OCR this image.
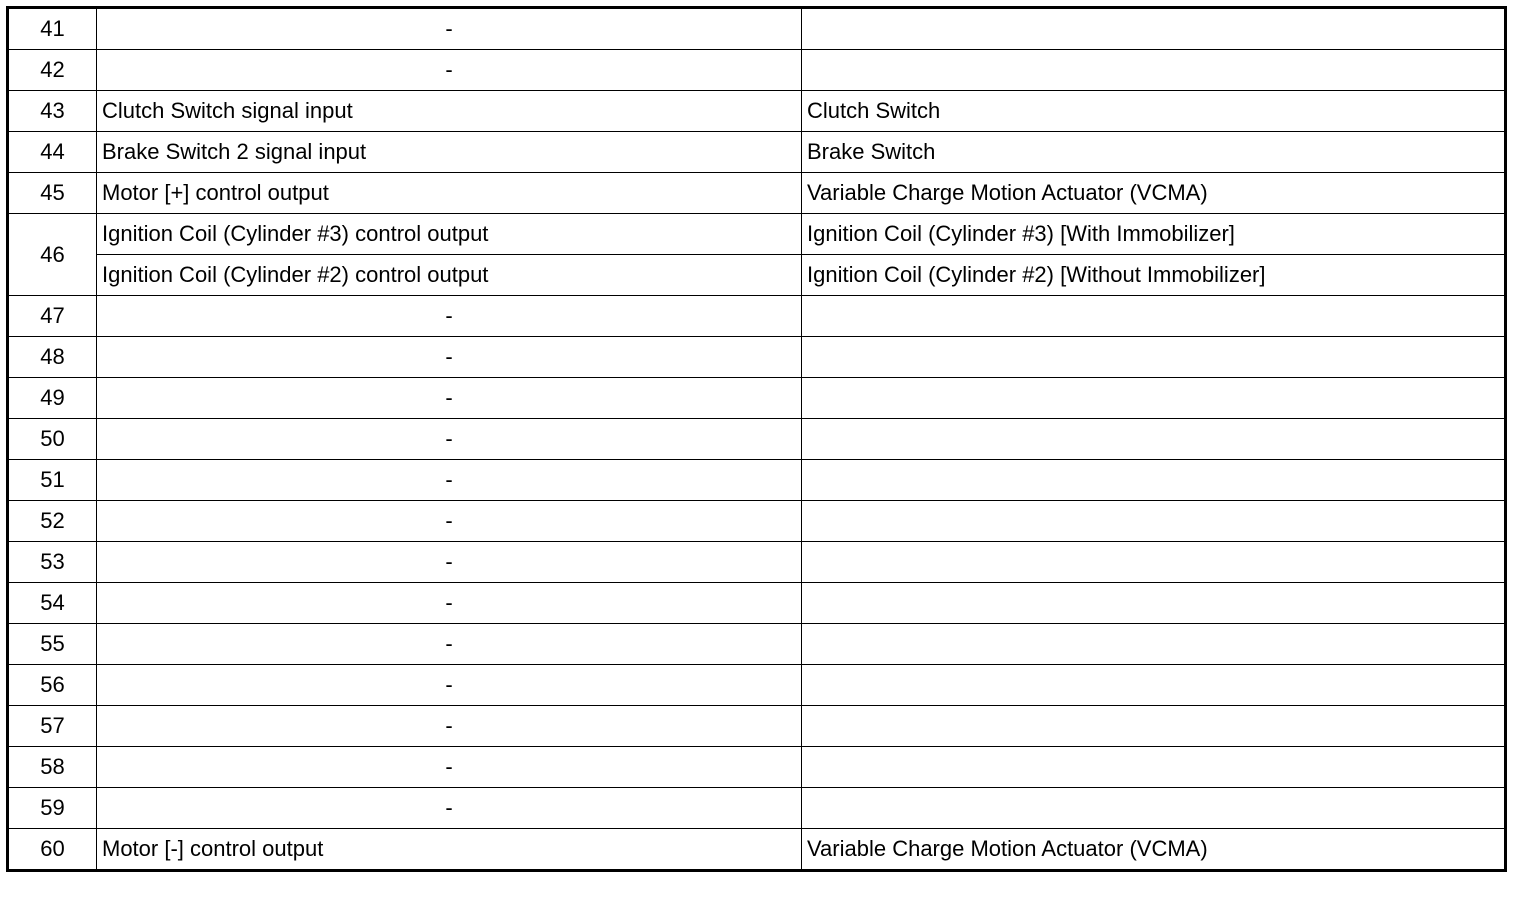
41	-	
42	-	
43	Clutch Switch signal input	Clutch Switch
44	Brake Switch 2 signal input	Brake Switch
45	Motor [+] control output	Variable Charge Motion Actuator (VCMA)
46	Ignition Coil (Cylinder #3) control output	Ignition Coil (Cylinder #3) [With Immobilizer]
	Ignition Coil (Cylinder #2) control output	Ignition Coil (Cylinder #2) [Without Immobilizer]
47	-	
48	-	
49	-	
50	-	
51	-	
52	-	
53	-	
54	-	
55	-	
56	-	
57	-	
58	-	
59	-	
60	Motor [-] control output	Variable Charge Motion Actuator (VCMA)
